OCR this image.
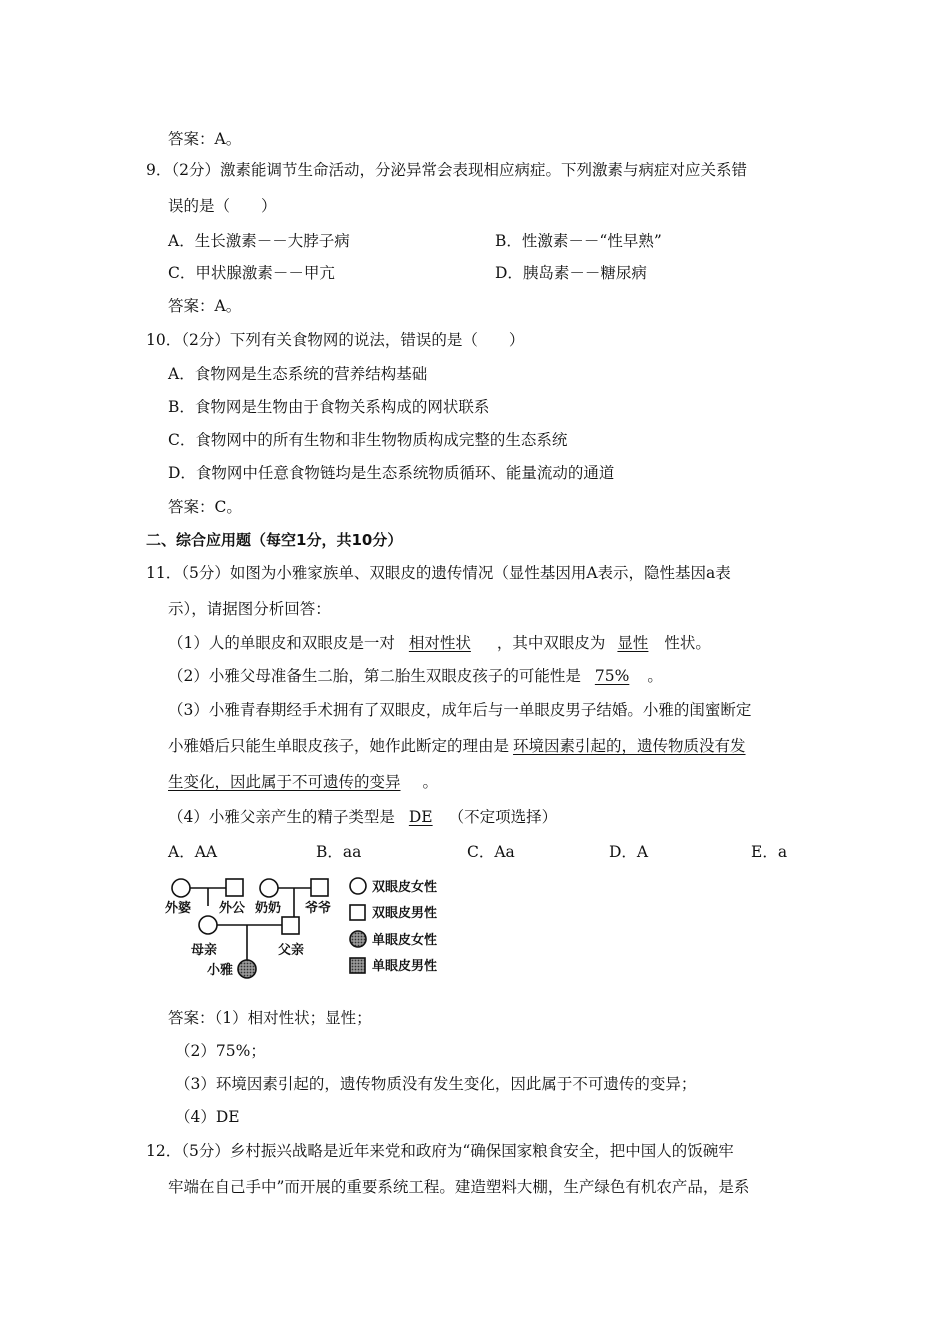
答案：A。
9．（2分）激素能调节生命活动，分泌异常会表现相应病症。下列激素与病症对应关系错
误的是（　　）
A．生长激素－－大脖子病	B．性激素－－“性早熟”
C．甲状腺激素－－甲亢	D．胰岛素－－糖尿病
答案：A。
10．（2分）下列有关食物网的说法，错误的是（　　）
A．食物网是生态系统的营养结构基础
B．食物网是生物由于食物关系构成的网状联系
C．食物网中的所有生物和非生物物质构成完整的生态系统
D．食物网中任意食物链均是生态系统物质循环、能量流动的通道
答案：C。
二、综合应用题（每空1分，共10分）
11．（5分）如图为小雅家族单、双眼皮的遗传情况（显性基因用A表示，隐性基因a表
示），请据图分析回答：
（1）人的单眼皮和双眼皮是一对 相对性状 ，其中双眼皮为 显性 性状。
（2）小雅父母准备生二胎，第二胎生双眼皮孩子的可能性是 75% 。
（3）小雅青春期经手术拥有了双眼皮，成年后与一单眼皮男子结婚。小雅的闺蜜断定
小雅婚后只能生单眼皮孩子，她作此断定的理由是 环境因素引起的，遗传物质没有发
生变化，因此属于不可遗传的变异 。
（4）小雅父亲产生的精子类型是 DE （不定项选择）
A．AA	B．aa	C．Aa	D．A	E．a
外婆 外公 奶奶 爷爷
母亲	父亲
小雅
双眼皮女性
双眼皮男性
单眼皮女性
单眼皮男性
答案：（1）相对性状；显性；
（2）75%；
（3）环境因素引起的，遗传物质没有发生变化，因此属于不可遗传的变异；
（4）DE
12．（5分）乡村振兴战略是近年来党和政府为“确保国家粮食安全，把中国人的饭碗牢
牢端在自己手中”而开展的重要系统工程。建造塑料大棚，生产绿色有机农产品，是系
